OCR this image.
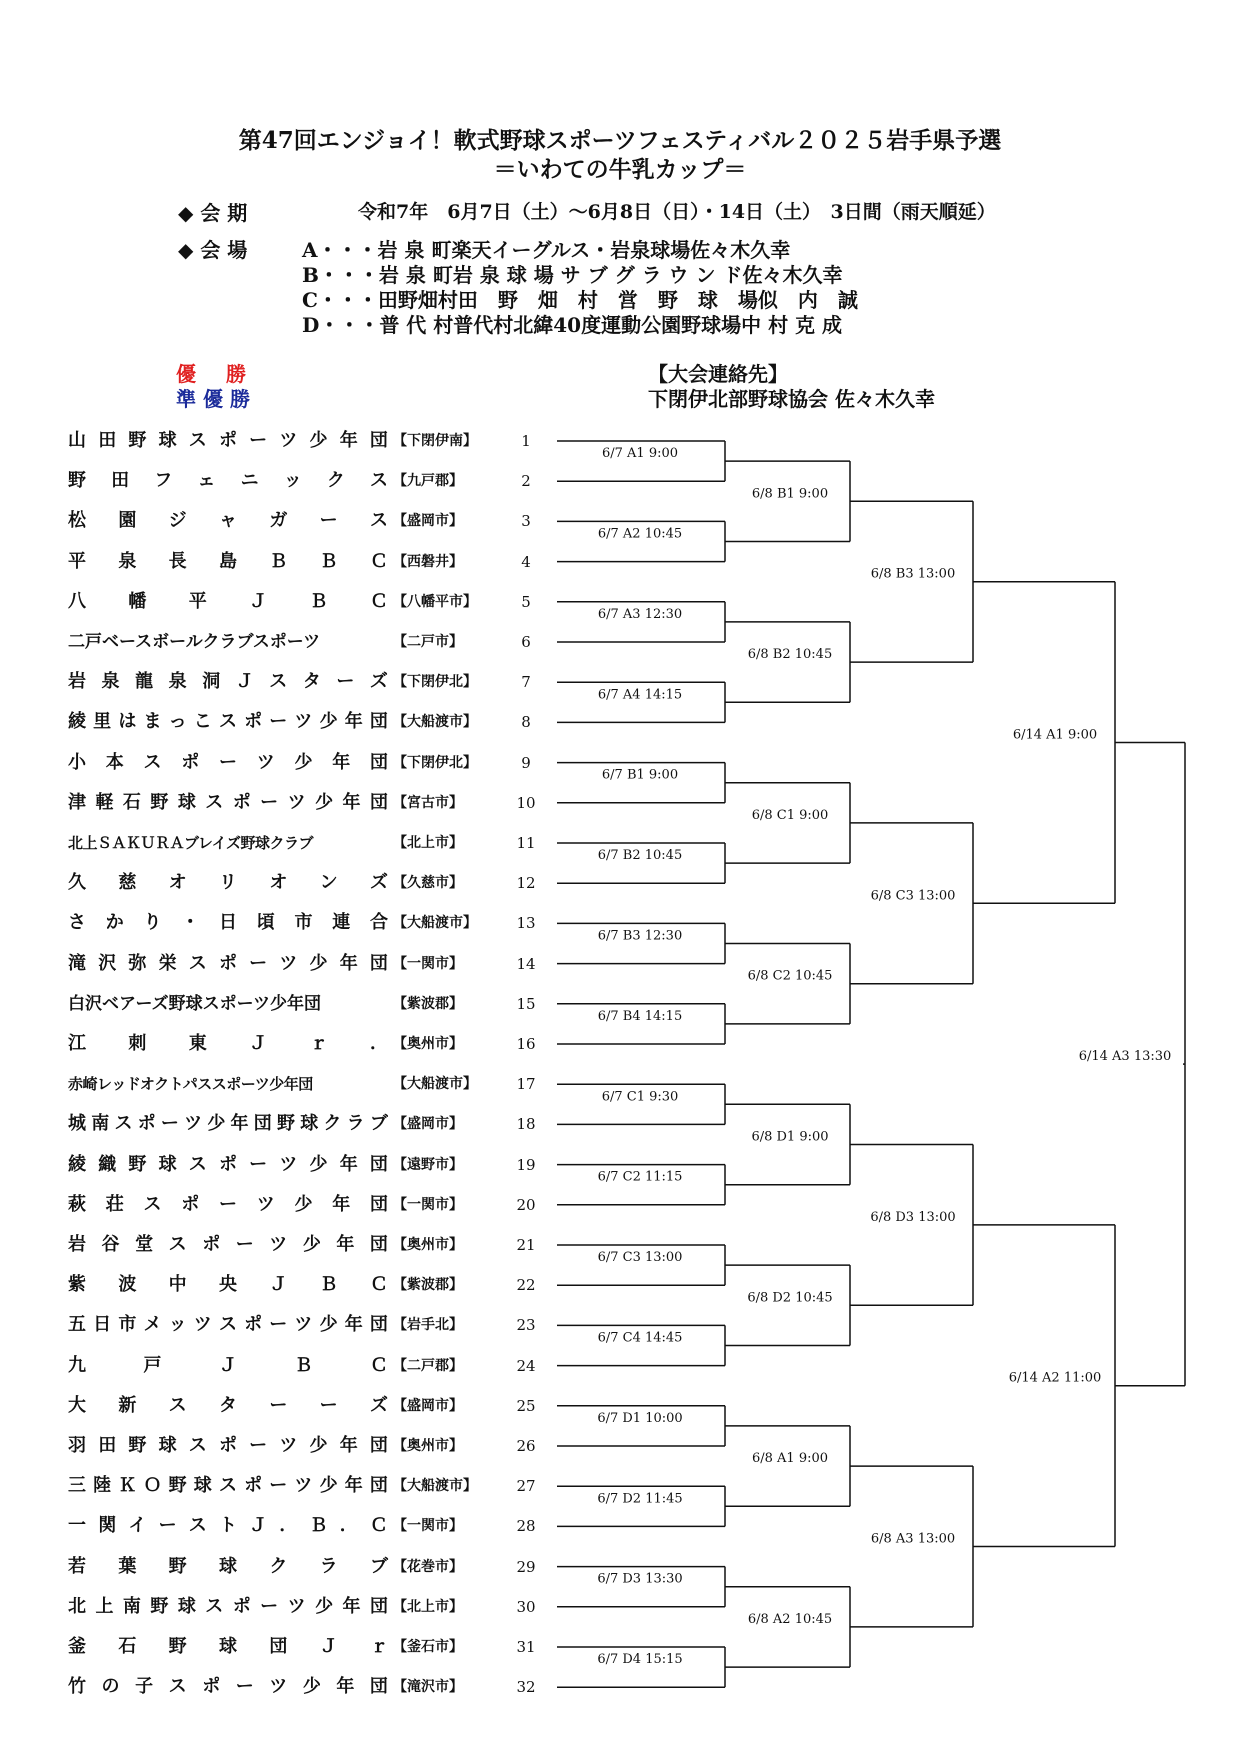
第47回エンジョイ！軟式野球スポーツフェスティバル２０２５岩手県予選
＝いわての牛乳カップ＝
◆ 会 期	令和7年　6月7日（土）～6月8日（日）・14日（土）　3日間（雨天順延）
◆ 会 場	A・・・岩 泉 町楽天イーグルス・岩泉球場佐々木久幸
B・・・岩 泉 町岩 泉 球 場 サ ブ グ ラ ウ ン ド佐々木久幸
C・・・田野畑村田　野　畑　村　営　野　球　場似　内　誠
D・・・普 代 村普代村北緯40度運動公園野球場中 村 克 成
優勝
準優勝
【大会連絡先】
下閉伊北部野球協会 佐々木久幸
山 田 野 球 ス ポ ー ツ 少 年 団 【下閉伊南】	1
野 田 フ ェ ニ ッ ク ス 【九戸郡】	2
松 園 ジ ャ ガ ー ス 【盛岡市】	3
平 泉 長 島 Ｂ Ｂ Ｃ 【西磐井】	4
八 幡 平 Ｊ Ｂ Ｃ 【八幡平市】	5
二戸ベースボールクラブスポーツ	【二戸市】	6
岩 泉 龍 泉 洞 Ｊ ス タ ー ズ 【下閉伊北】	7
綾 里 は ま っ こ ス ポ ー ツ 少 年 団 【大船渡市】	8
小 本 ス ポ ー ツ 少 年 団 【下閉伊北】	9
津 軽 石 野 球 ス ポ ー ツ 少 年 団 【宮古市】	10
北上ＳＡＫＵＲＡブレイズ野球クラブ	【北上市】	11
久 慈 オ リ オ ン ズ 【久慈市】	12
さ か り ・ 日 頃 市 連 合 【大船渡市】	13
滝 沢 弥 栄 ス ポ ー ツ 少 年 団 【一関市】	14
白沢ベアーズ野球スポーツ少年団	【紫波郡】	15
江 刺 東 Ｊ ｒ ． 【奥州市】	16
赤崎レッドオクトパススポーツ少年団	【大船渡市】	17
城 南 ス ポ ー ツ 少 年 団 野 球 ク ラ ブ 【盛岡市】	18
綾 織 野 球 ス ポ ー ツ 少 年 団 【遠野市】	19
萩 荘 ス ポ ー ツ 少 年 団 【一関市】	20
岩 谷 堂 ス ポ ー ツ 少 年 団 【奥州市】	21
紫 波 中 央 Ｊ Ｂ Ｃ 【紫波郡】	22
五 日 市 メ ッ ツ ス ポ ー ツ 少 年 団 【岩手北】	23
九	戸	Ｊ	Ｂ	Ｃ 【二戸郡】	24
大 新 ス タ ー ー ズ 【盛岡市】	25
羽 田 野 球 ス ポ ー ツ 少 年 団 【奥州市】	26
三 陸 Ｋ Ｏ 野 球 ス ポ ー ツ 少 年 団 【大船渡市】	27
一 関 イ ー ス ト Ｊ ． Ｂ ． Ｃ 【一関市】	28
若 葉 野 球 ク ラ ブ 【花巻市】	29
北 上 南 野 球 ス ポ ー ツ 少 年 団 【北上市】	30
釜 石 野 球 団 Ｊ ｒ 【釜石市】	31
竹 の 子 ス ポ ー ツ 少 年 団 【滝沢市】	32
6/7 A1 9:00
6/7 A2 10:45
6/7 A3 12:30
6/7 A4 14:15
6/7 B1 9:00
6/7 B2 10:45
6/7 B3 12:30
6/7 B4 14:15
6/7 C1 9:30
6/7 C2 11:15
6/7 C3 13:00
6/7 C4 14:45
6/7 D1 10:00
6/7 D2 11:45
6/7 D3 13:30
6/7 D4 15:15
6/8 B1 9:00
6/8 B2 10:45
6/8 C1 9:00
6/8 C2 10:45
6/8 D1 9:00
6/8 D2 10:45
6/8 A1 9:00
6/8 A2 10:45
6/8 B3 13:00
6/8 C3 13:00
6/8 D3 13:00
6/8 A3 13:00
6/14 A1 9:00
6/14 A2 11:00
6/14 A3 13:30
